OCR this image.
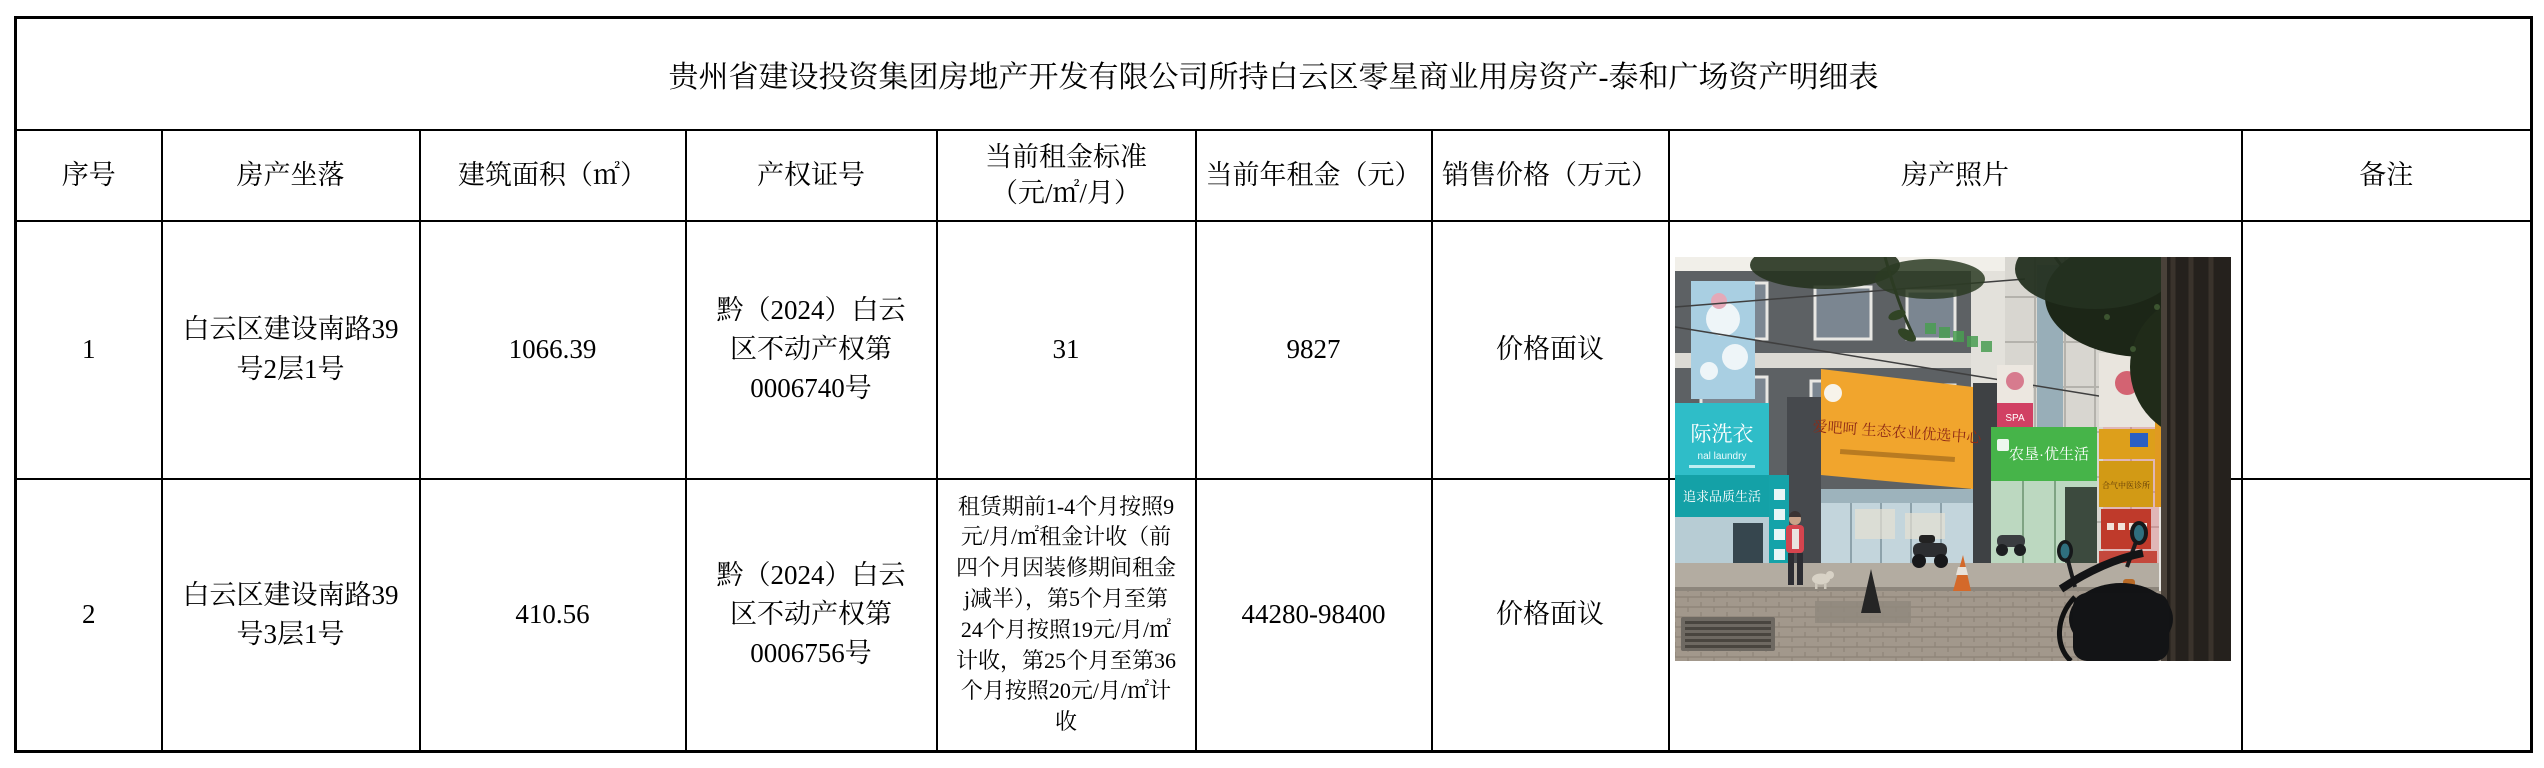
贵州省建设投资集团房地产开发有限公司所持白云区零星商业用房资产-泰和广场资产明细表								
序号	房产坐落	建筑面积（㎡）	产权证号	当前租金标准（元/㎡/月）	当前年租金（元）	销售价格（万元）	房产照片	备注
1	白云区建设南路39号2层1号	1066.39	黔（2024）白云区不动产权第0006740号	31	9827	价格面议		
2	白云区建设南路39号3层1号	410.56	黔（2024）白云区不动产权第0006756号	租赁期前1-4个月按照9元/月/㎡租金计收（前四个月因装修期间租金j减半），第5个月至第24个月按照19元/月/㎡计收，第25个月至第36个月按照20元/月/㎡计收	44280-98400	价格面议		
际洗衣
nal laundry
追求品质生活
爱吧呵 生态农业优选中心 SPA
农垦·优生活
合气中医诊所
